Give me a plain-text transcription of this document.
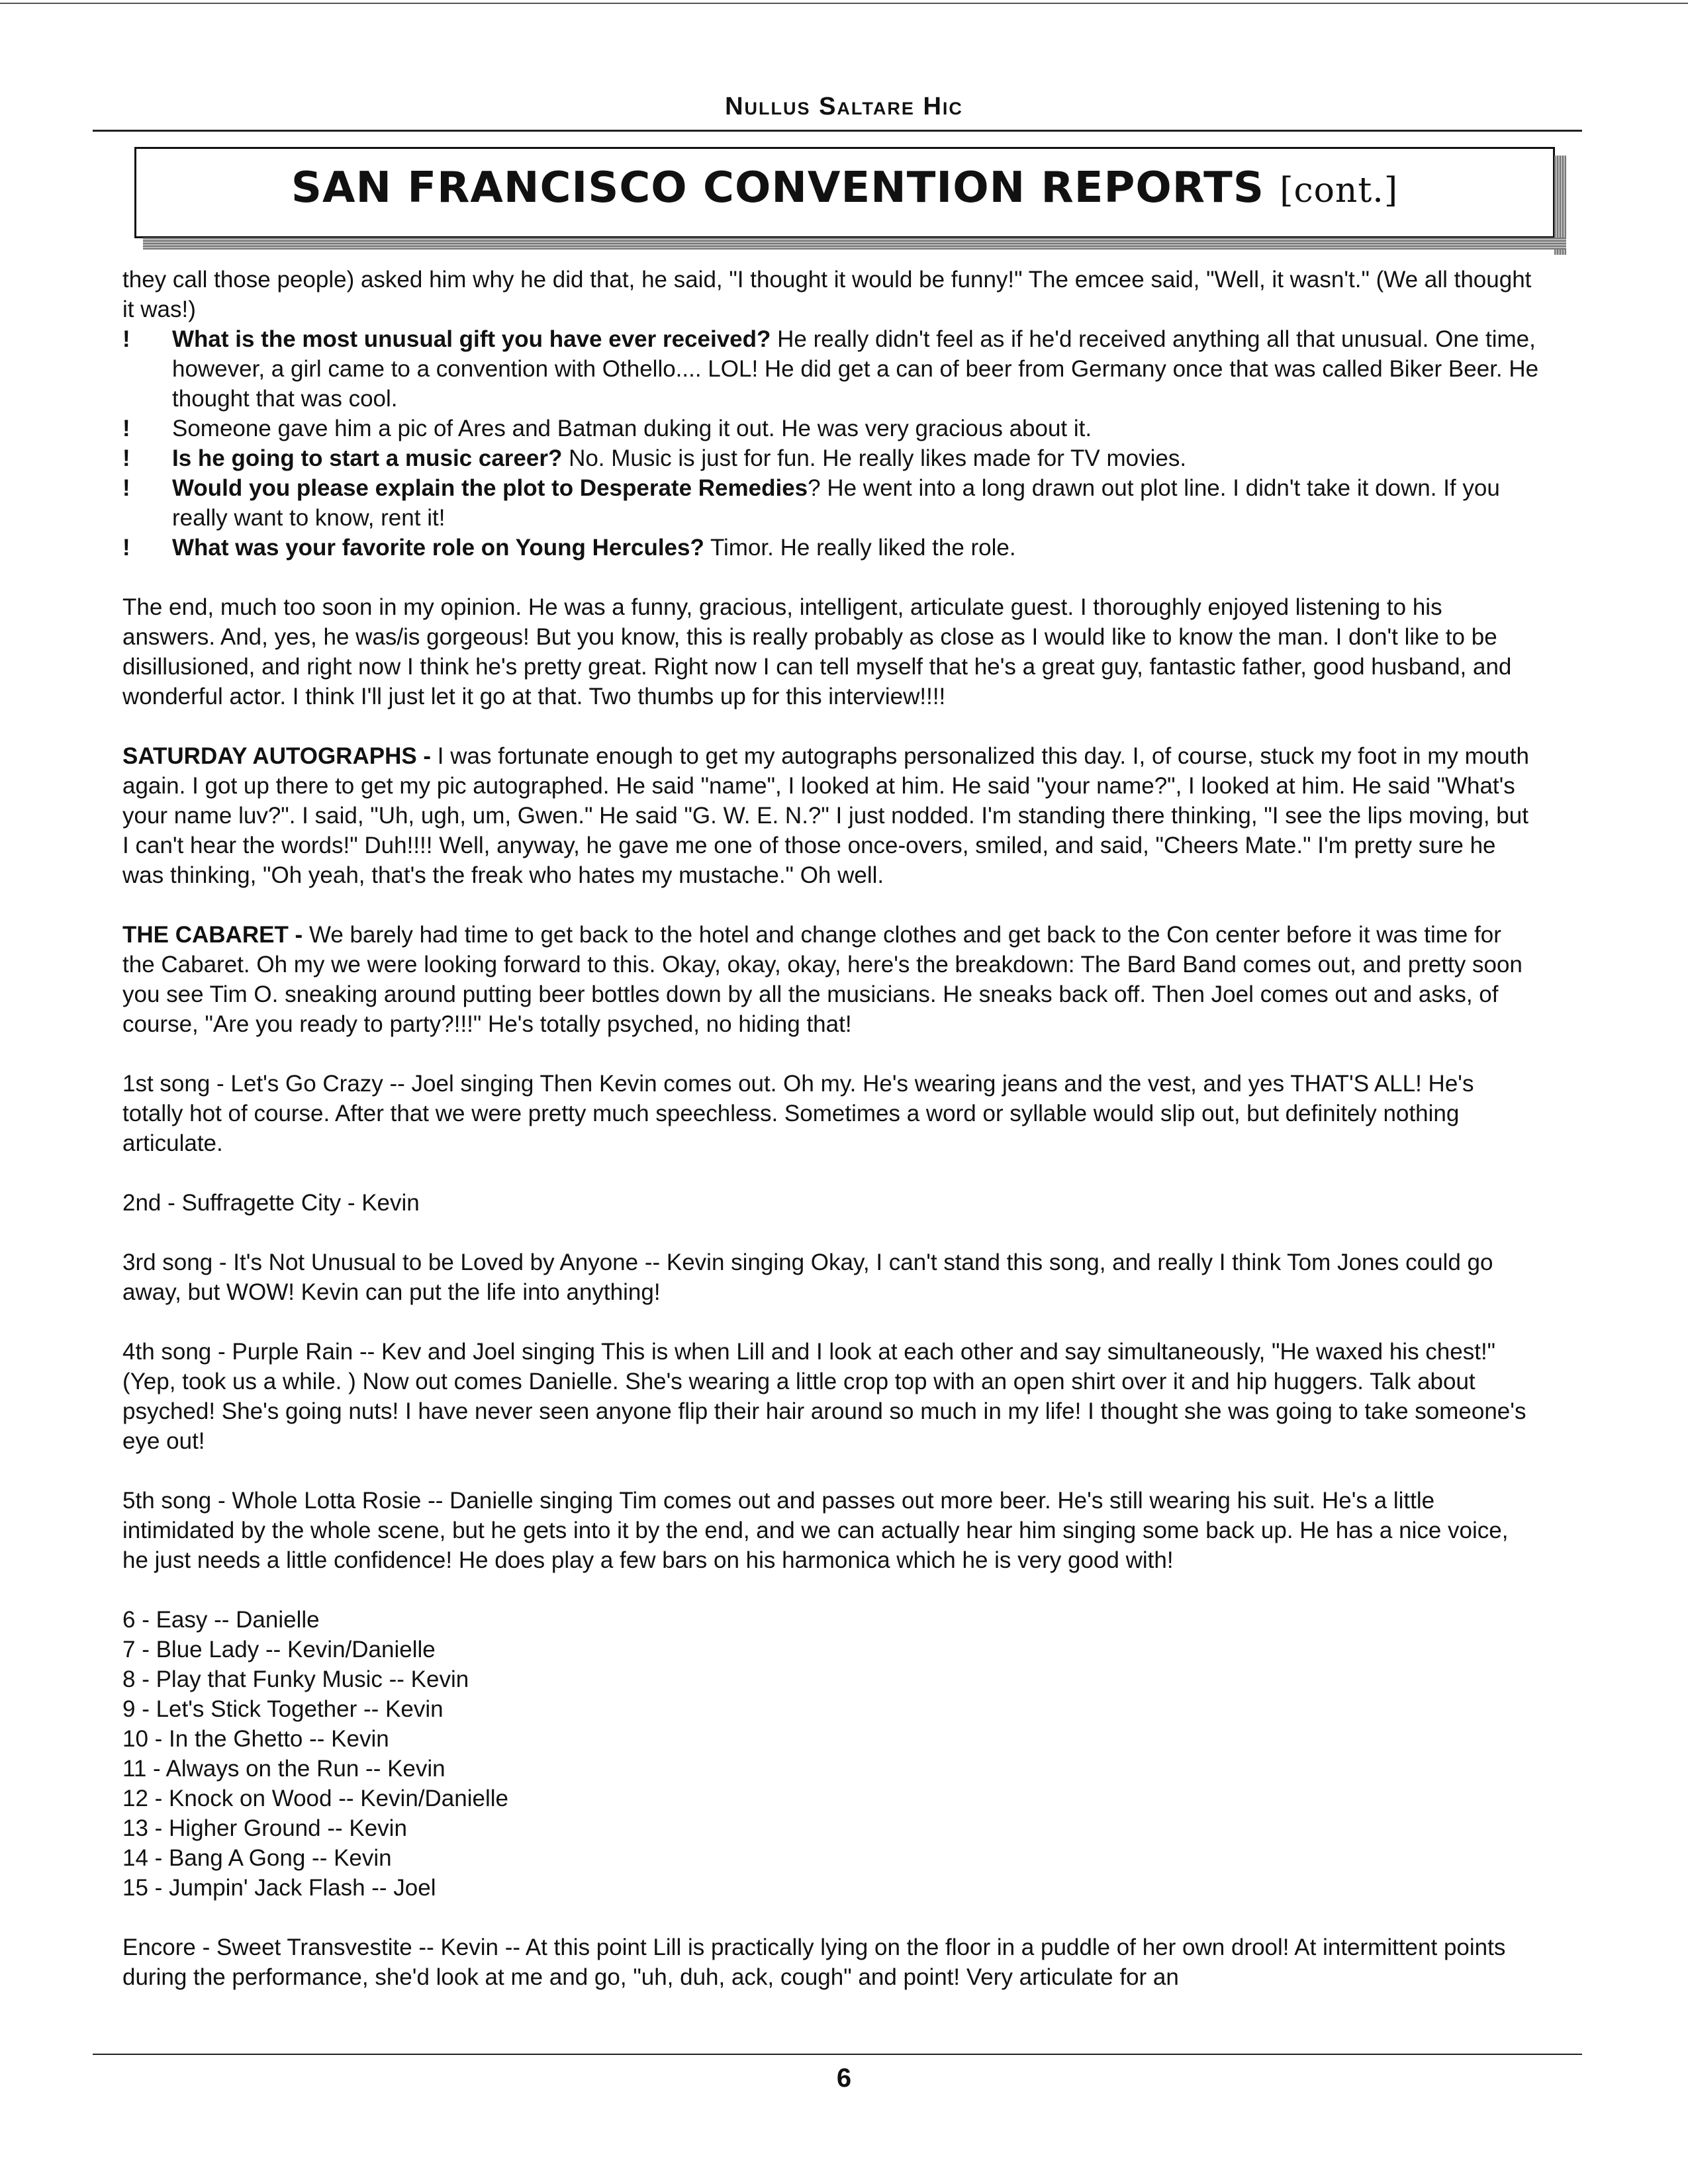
Nullus Saltare Hic
SAN FRANCISCO CONVENTION REPORTS [cont.]

they call those people) asked him why he did that, he said, "I thought it would be funny!" The emcee said, "Well, it wasn't." (We all thought it was!)

! What is the most unusual gift you have ever received? He really didn't feel as if he'd received anything all that unusual. One time, however, a girl came to a convention with Othello.... LOL! He did get a can of beer from Germany once that was called Biker Beer. He thought that was cool.
! Someone gave him a pic of Ares and Batman duking it out. He was very gracious about it.
! Is he going to start a music career? No. Music is just for fun. He really likes made for TV movies.
! Would you please explain the plot to Desperate Remedies? He went into a long drawn out plot line. I didn't take it down. If you really want to know, rent it!
! What was your favorite role on Young Hercules? Timor. He really liked the role.

The end, much too soon in my opinion. He was a funny, gracious, intelligent, articulate guest. I thoroughly enjoyed listening to his answers. And, yes, he was/is gorgeous! But you know, this is really probably as close as I would like to know the man. I don't like to be disillusioned, and right now I think he's pretty great. Right now I can tell myself that he's a great guy, fantastic father, good husband, and wonderful actor. I think I'll just let it go at that. Two thumbs up for this interview!!!!

SATURDAY AUTOGRAPHS - I was fortunate enough to get my autographs personalized this day. I, of course, stuck my foot in my mouth again. I got up there to get my pic autographed. He said "name", I looked at him. He said "your name?", I looked at him. He said "What's your name luv?". I said, "Uh, ugh, um, Gwen." He said "G. W. E. N.?" I just nodded. I'm standing there thinking, "I see the lips moving, but I can't hear the words!" Duh!!!! Well, anyway, he gave me one of those once-overs, smiled, and said, "Cheers Mate." I'm pretty sure he was thinking, "Oh yeah, that's the freak who hates my mustache." Oh well.

THE CABARET - We barely had time to get back to the hotel and change clothes and get back to the Con center before it was time for the Cabaret. Oh my we were looking forward to this. Okay, okay, okay, here's the breakdown: The Bard Band comes out, and pretty soon you see Tim O. sneaking around putting beer bottles down by all the musicians. He sneaks back off. Then Joel comes out and asks, of course, "Are you ready to party?!!!" He's totally psyched, no hiding that!

1st song - Let's Go Crazy -- Joel singing Then Kevin comes out. Oh my. He's wearing jeans and the vest, and yes THAT'S ALL! He's totally hot of course. After that we were pretty much speechless. Sometimes a word or syllable would slip out, but definitely nothing articulate.

2nd - Suffragette City - Kevin

3rd song - It's Not Unusual to be Loved by Anyone -- Kevin singing Okay, I can't stand this song, and really I think Tom Jones could go away, but WOW! Kevin can put the life into anything!

4th song - Purple Rain -- Kev and Joel singing This is when Lill and I look at each other and say simultaneously, "He waxed his chest!" (Yep, took us a while. ) Now out comes Danielle. She's wearing a little crop top with an open shirt over it and hip huggers. Talk about psyched! She's going nuts! I have never seen anyone flip their hair around so much in my life! I thought she was going to take someone's eye out!

5th song - Whole Lotta Rosie -- Danielle singing Tim comes out and passes out more beer. He's still wearing his suit. He's a little intimidated by the whole scene, but he gets into it by the end, and we can actually hear him singing some back up. He has a nice voice, he just needs a little confidence! He does play a few bars on his harmonica which he is very good with!

6 - Easy -- Danielle
7 - Blue Lady -- Kevin/Danielle
8 - Play that Funky Music -- Kevin
9 - Let's Stick Together -- Kevin
10 - In the Ghetto -- Kevin
11 - Always on the Run -- Kevin
12 - Knock on Wood -- Kevin/Danielle
13 - Higher Ground -- Kevin
14 - Bang A Gong -- Kevin
15 - Jumpin' Jack Flash -- Joel

Encore - Sweet Transvestite -- Kevin -- At this point Lill is practically lying on the floor in a puddle of her own drool! At intermittent points during the performance, she'd look at me and go, "uh, duh, ack, cough" and point! Very articulate for an

6
